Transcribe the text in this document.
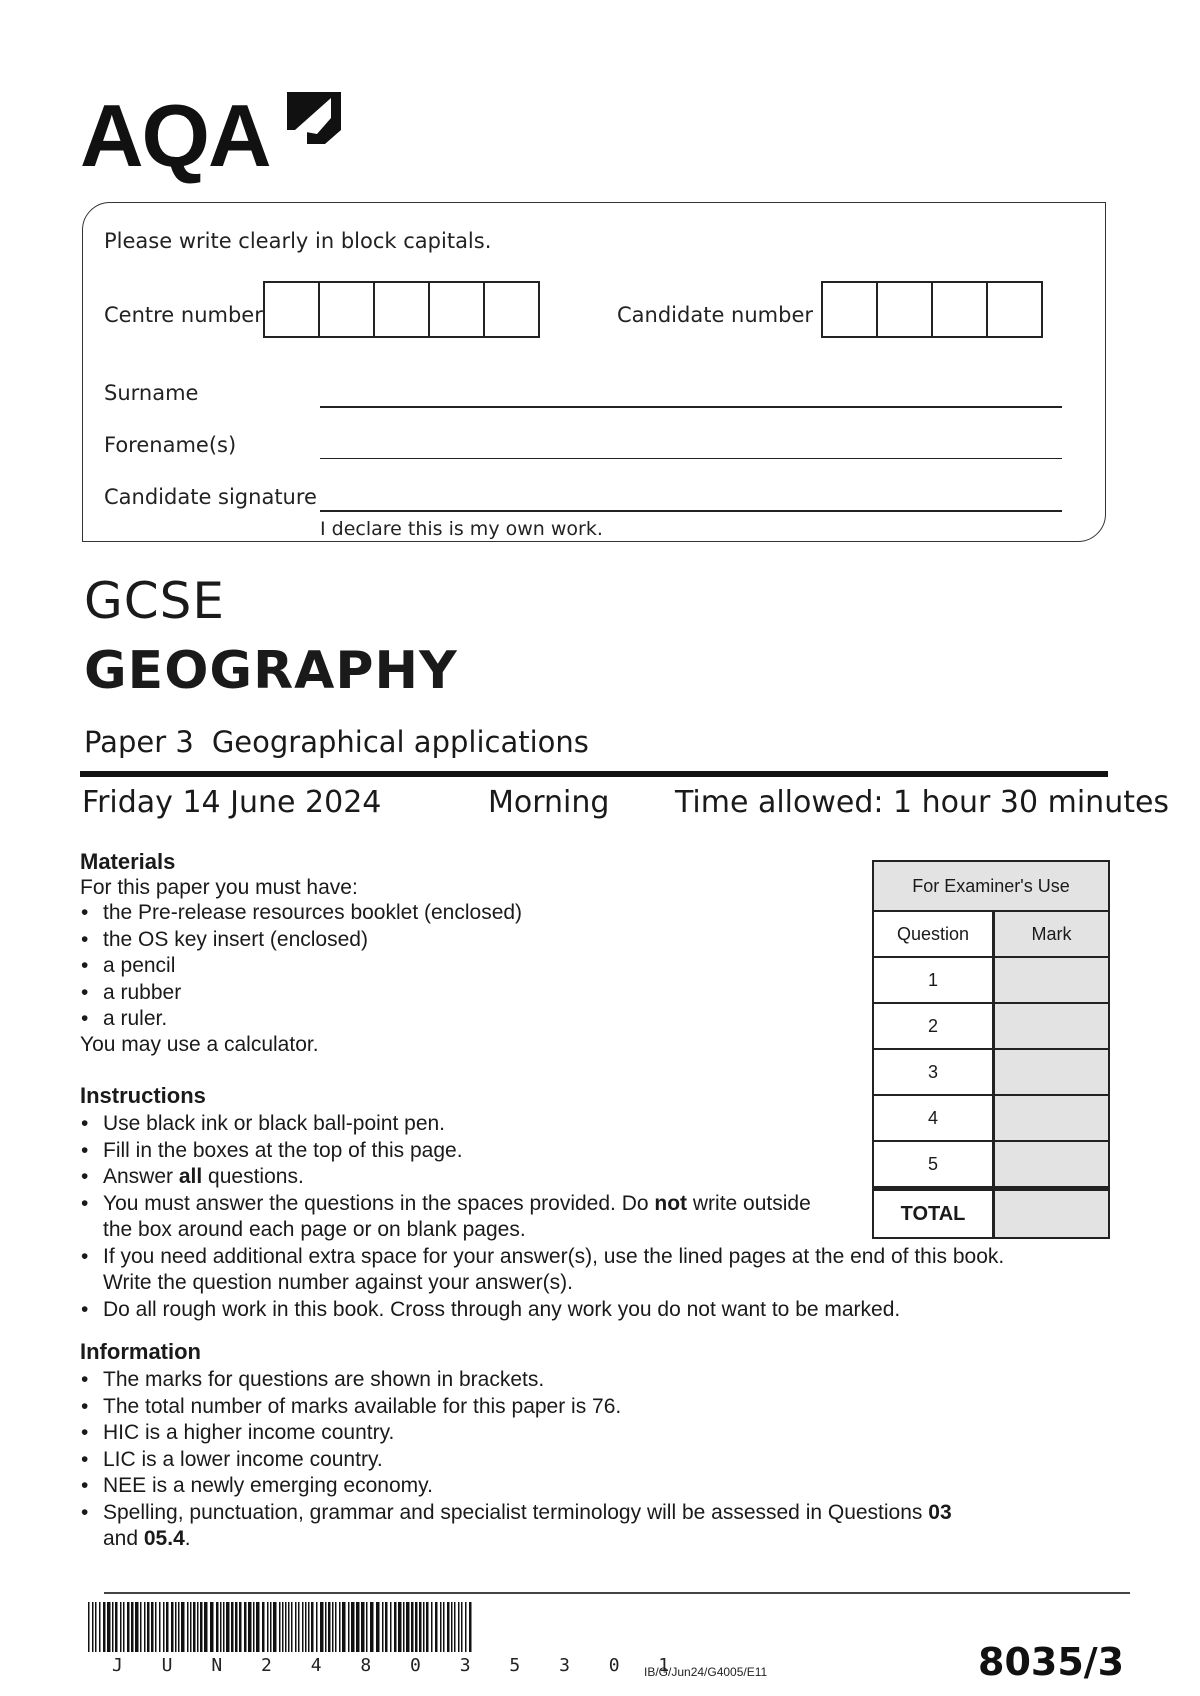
AQA
Please write clearly in block capitals.
Centre number	Candidate number
Surname
Forename(s)
Candidate signature
I declare this is my own work.
GCSE
GEOGRAPHY
Paper 3 Geographical applications
Friday 14 June 2024	Morning Time allowed: 1 hour 30 minutes
Materials
For this paper you must have:
• the Pre-release resources booklet (enclosed)
• the OS key insert (enclosed)
• a pencil
• a rubber
• a ruler.
You may use a calculator.
Instructions
• Use black ink or black ball-point pen.
• Fill in the boxes at the top of this page.
• Answer all questions.
• You must answer the questions in the spaces provided. Do not write outside
the box around each page or on blank pages.
• If you need additional extra space for your answer(s), use the lined pages at the end of this book.
Write the question number against your answer(s).
• Do all rough work in this book. Cross through any work you do not want to be marked.
Information
• The marks for questions are shown in brackets.
• The total number of marks available for this paper is 76.
• HIC is a higher income country.
• LIC is a lower income country.
• NEE is a newly emerging economy.
• Spelling, punctuation, grammar and specialist terminology will be assessed in Questions 03
and 05.4.
For Examiner's Use
Question	Mark
1
2
3
4
5
TOTAL
J U N 2 4 8 0 3 5 3 0 1
IB/G/Jun24/G4005/E11	8035/3
